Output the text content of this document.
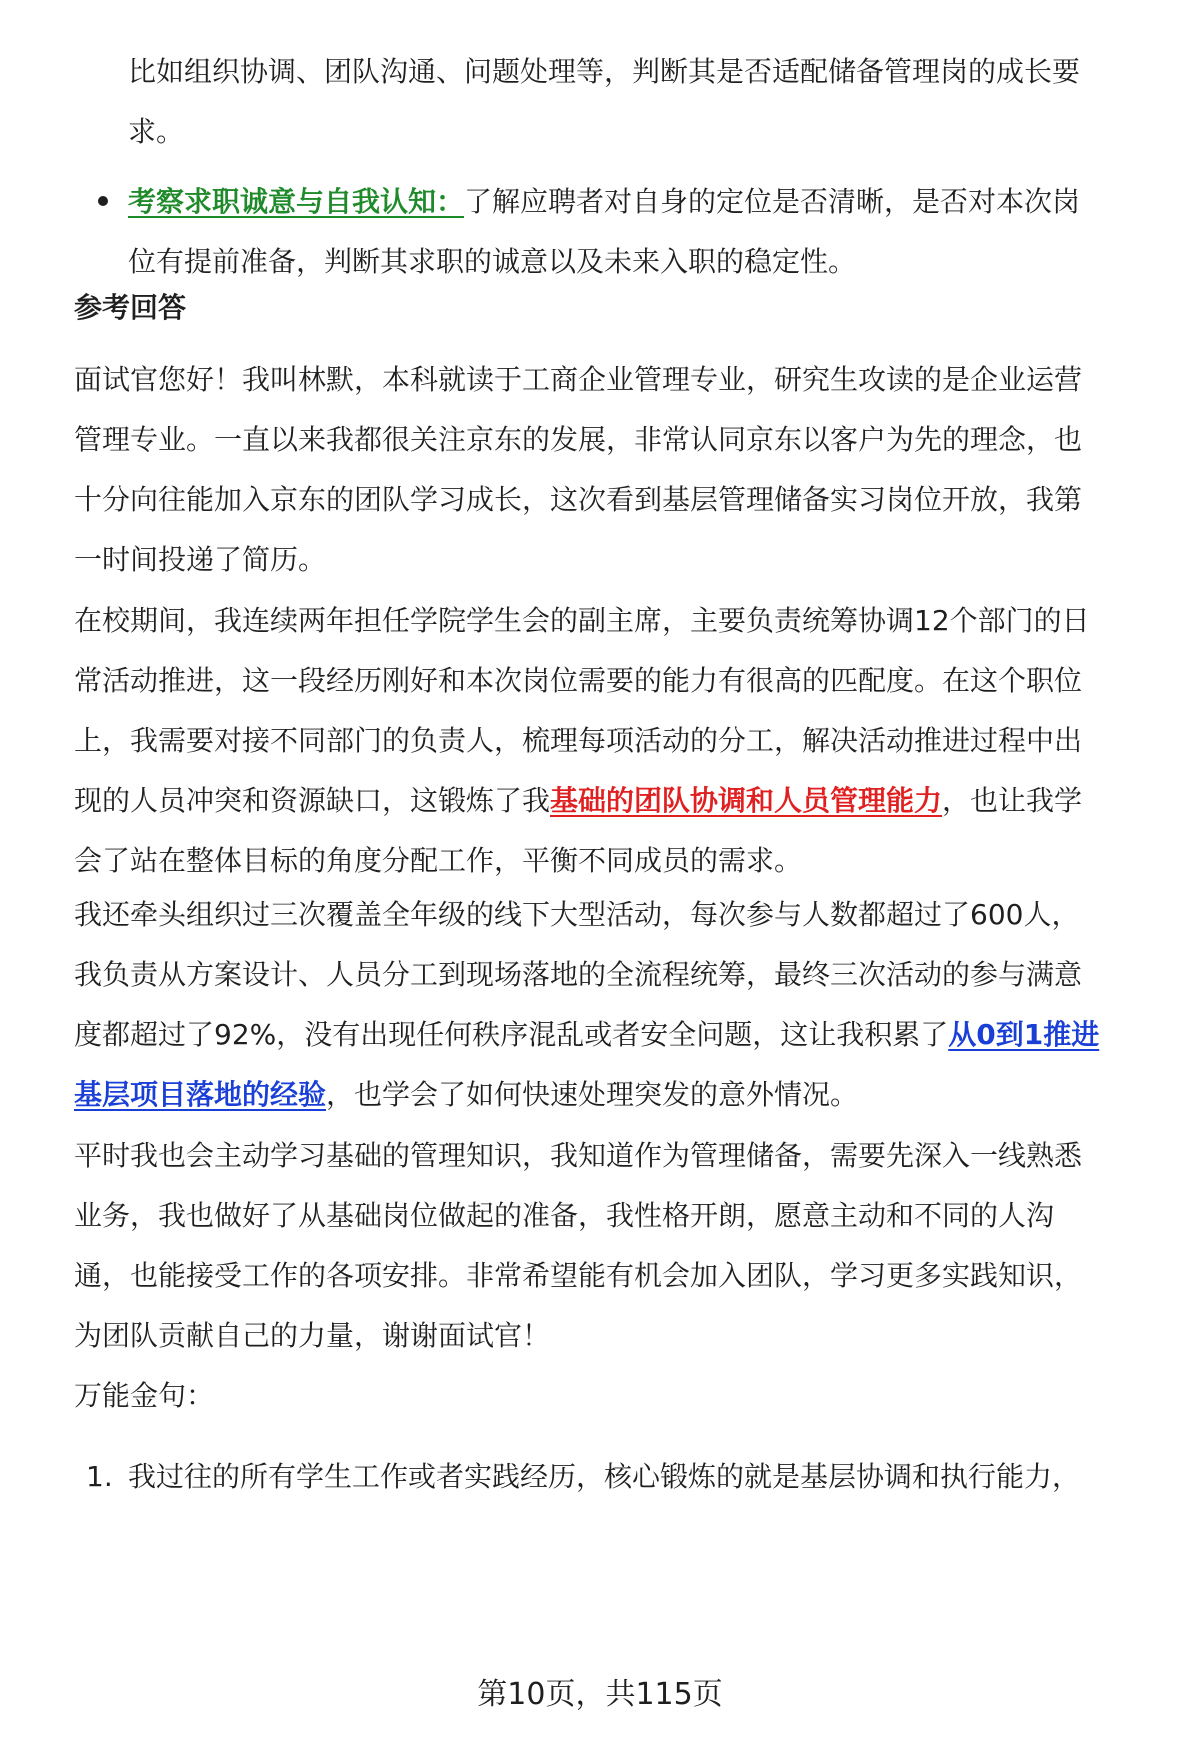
比如组织协调、团队沟通、问题处理等，判断其是否适配储备管理岗的成长要
求。
考察求职诚意与自我认知：了解应聘者对自身的定位是否清晰，是否对本次岗
位有提前准备，判断其求职的诚意以及未来入职的稳定性。
参考回答
面试官您好！我叫林默，本科就读于工商企业管理专业，研究生攻读的是企业运营
管理专业。一直以来我都很关注京东的发展，非常认同京东以客户为先的理念，也
十分向往能加入京东的团队学习成长，这次看到基层管理储备实习岗位开放，我第
一时间投递了简历。
在校期间，我连续两年担任学院学生会的副主席，主要负责统筹协调12个部门的日
常活动推进，这一段经历刚好和本次岗位需要的能力有很高的匹配度。在这个职位
上，我需要对接不同部门的负责人，梳理每项活动的分工，解决活动推进过程中出
现的人员冲突和资源缺口，这锻炼了我基础的团队协调和人员管理能力，也让我学
会了站在整体目标的角度分配工作，平衡不同成员的需求。
我还牵头组织过三次覆盖全年级的线下大型活动，每次参与人数都超过了600人，
我负责从方案设计、人员分工到现场落地的全流程统筹，最终三次活动的参与满意
度都超过了92%，没有出现任何秩序混乱或者安全问题，这让我积累了从0到1推进
基层项目落地的经验，也学会了如何快速处理突发的意外情况。
平时我也会主动学习基础的管理知识，我知道作为管理储备，需要先深入一线熟悉
业务，我也做好了从基础岗位做起的准备，我性格开朗，愿意主动和不同的人沟
通，也能接受工作的各项安排。非常希望能有机会加入团队，学习更多实践知识，
为团队贡献自己的力量，谢谢面试官！
万能金句：
1. 我过往的所有学生工作或者实践经历，核心锻炼的就是基层协调和执行能力，
第10页，共115页
